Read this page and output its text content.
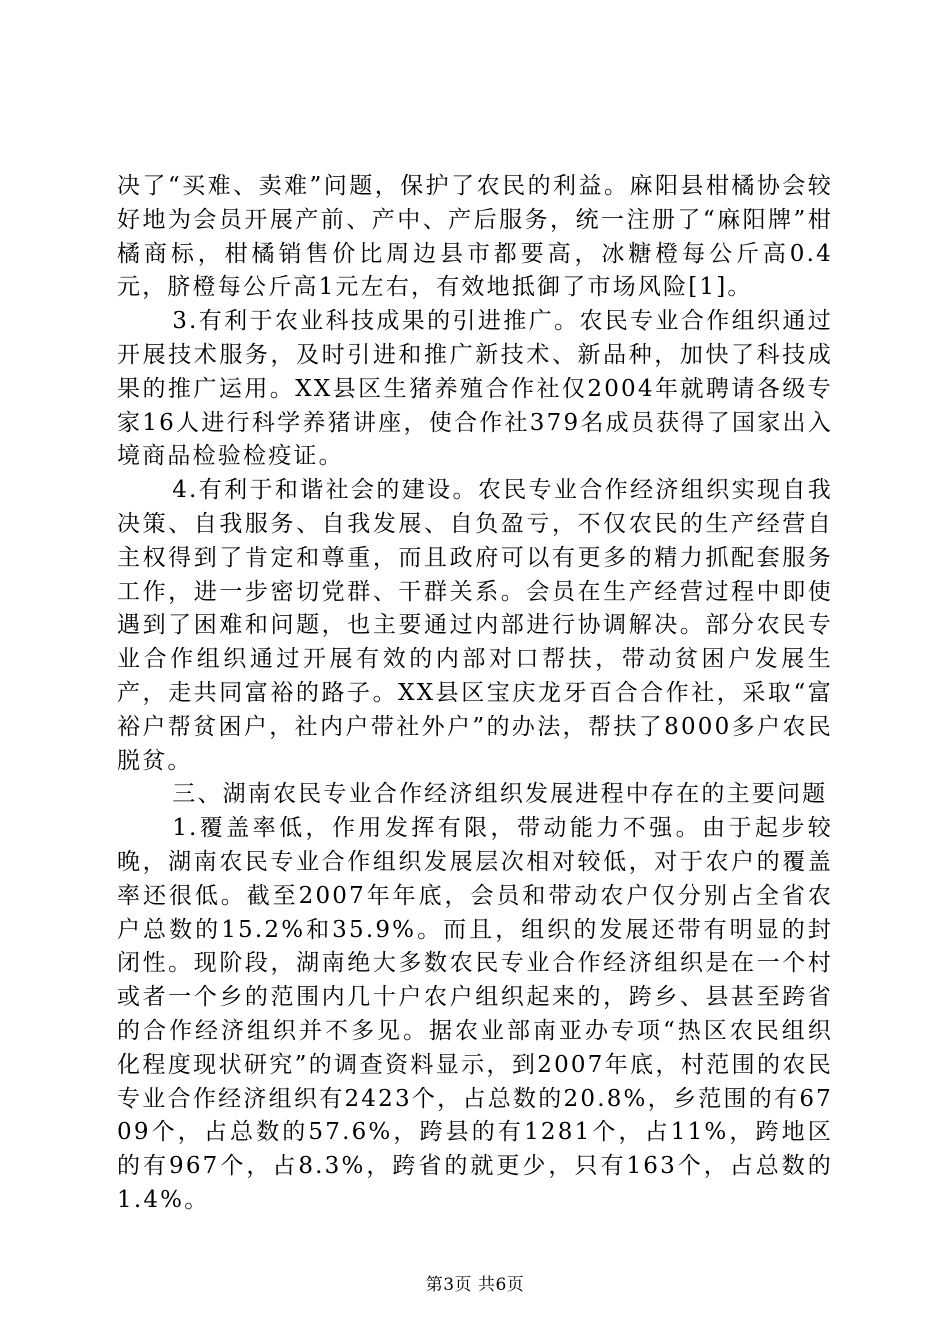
决了“买难、卖难”问题，保护了农民的利益。麻阳县柑橘协会较好地为会员开展产前、产中、产后服务，统一注册了“麻阳牌”柑橘商标，柑橘销售价比周边县市都要高，冰糖橙每公斤高0.4元，脐橙每公斤高1元左右，有效地抵御了市场风险[1]。

3.有利于农业科技成果的引进推广。农民专业合作组织通过开展技术服务，及时引进和推广新技术、新品种，加快了科技成果的推广运用。XX县区生猪养殖合作社仅2004年就聘请各级专家16人进行科学养猪讲座，使合作社379名成员获得了国家出入境商品检验检疫证。

4.有利于和谐社会的建设。农民专业合作经济组织实现自我决策、自我服务、自我发展、自负盈亏，不仅农民的生产经营自主权得到了肯定和尊重，而且政府可以有更多的精力抓配套服务工作，进一步密切党群、干群关系。会员在生产经营过程中即使遇到了困难和问题，也主要通过内部进行协调解决。部分农民专业合作组织通过开展有效的内部对口帮扶，带动贫困户发展生产，走共同富裕的路子。XX县区宝庆龙牙百合合作社，采取“富裕户帮贫困户，社内户带社外户”的办法，帮扶了8000多户农民脱贫。

三、湖南农民专业合作经济组织发展进程中存在的主要问题

1.覆盖率低，作用发挥有限，带动能力不强。由于起步较晚，湖南农民专业合作组织发展层次相对较低，对于农户的覆盖率还很低。截至2007年年底，会员和带动农户仅分别占全省农户总数的15.2%和35.9%。而且，组织的发展还带有明显的封闭性。现阶段，湖南绝大多数农民专业合作经济组织是在一个村或者一个乡的范围内几十户农户组织起来的，跨乡、县甚至跨省的合作经济组织并不多见。据农业部南亚办专项“热区农民组织化程度现状研究”的调查资料显示，到2007年底，村范围的农民专业合作经济组织有2423个，占总数的20.8%，乡范围的有6709个，占总数的57.6%，跨县的有1281个，占11%，跨地区的有967个，占8.3%，跨省的就更少，只有163个，占总数的1.4%。

第3页 共6页
